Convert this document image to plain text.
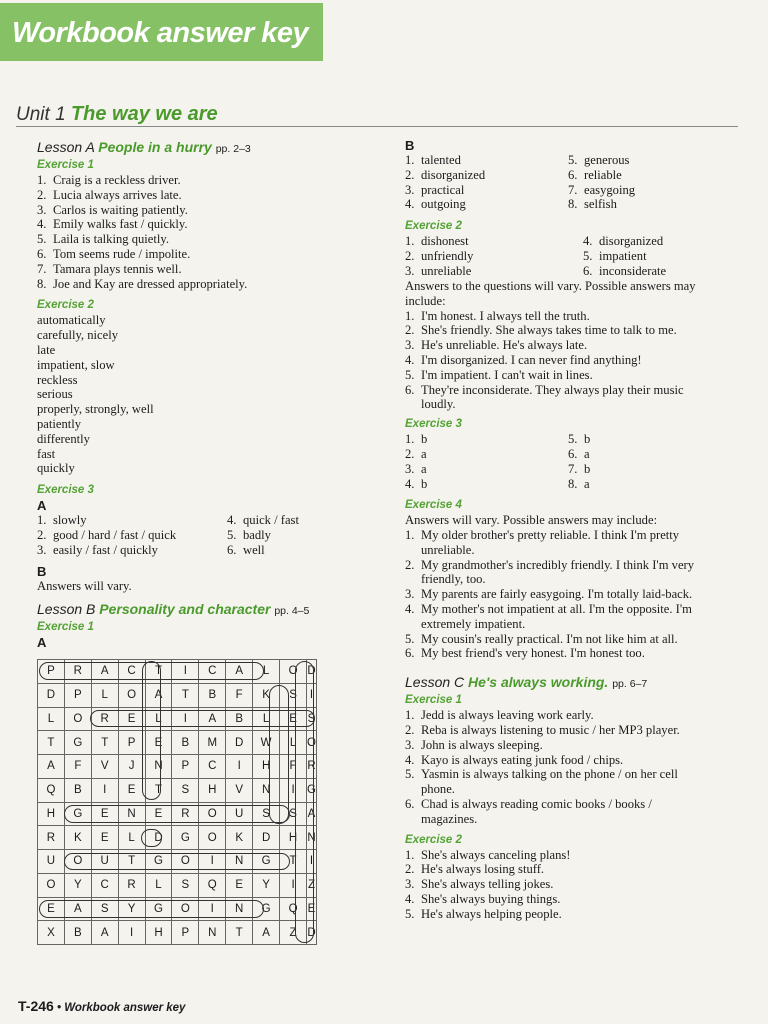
Workbook answer key
Unit 1 The way we are
Lesson A People in a hurry pp. 2–3
Exercise 1
1. Craig is a reckless driver.
2. Lucia always arrives late.
3. Carlos is waiting patiently.
4. Emily walks fast / quickly.
5. Laila is talking quietly.
6. Tom seems rude / impolite.
7. Tamara plays tennis well.
8. Joe and Kay are dressed appropriately.
Exercise 2
automatically
carefully, nicely
late
impatient, slow
reckless
serious
properly, strongly, well
patiently
differently
fast
quickly
Exercise 3
A
1. slowly
2. good / hard / fast / quick
3. easily / fast / quickly
4. quick / fast
5. badly
6. well
B
Answers will vary.
Lesson B Personality and character pp. 4–5
Exercise 1
A
P	R	A	C	T	I	C	A	L	O	D
D	P	L	O	A	T	B	F	K	S	I
L	O	R	E	L	I	A	B	L	E	S
T	G	T	P	E	B	M	D	W	L	O
A	F	V	J	N	P	C	I	H	F	R
Q	B	I	E	T	S	H	V	N	I	G
H	G	E	N	E	R	O	U	S	S	A
R	K	E	L	D	G	O	K	D	H	N
U	O	U	T	G	O	I	N	G	T	I
O	Y	C	R	L	S	Q	E	Y	I	Z
E	A	S	Y	G	O	I	N	G	Q	E
X	B	A	I	H	P	N	T	A	Z	D
B
1. talented
2. disorganized
3. practical
4. outgoing
5. generous
6. reliable
7. easygoing
8. selfish
Exercise 2
1. dishonest
2. unfriendly
3. unreliable
4. disorganized
5. impatient
6. inconsiderate
Answers to the questions will vary. Possible answers may
include:
1. I'm honest. I always tell the truth.
2. She's friendly. She always takes time to talk to me.
3. He's unreliable. He's always late.
4. I'm disorganized. I can never find anything!
5. I'm impatient. I can't wait in lines.
6. They're inconsiderate. They always play their music
loudly.
Exercise 3
1. b
2. a
3. a
4. b
5. b
6. a
7. b
8. a
Exercise 4
Answers will vary. Possible answers may include:
1. My older brother's pretty reliable. I think I'm pretty
unreliable.
2. My grandmother's incredibly friendly. I think I'm very
friendly, too.
3. My parents are fairly easygoing. I'm totally laid-back.
4. My mother's not impatient at all. I'm the opposite. I'm
extremely impatient.
5. My cousin's really practical. I'm not like him at all.
6. My best friend's very honest. I'm honest too.
Lesson C He's always working. pp. 6–7
Exercise 1
1. Jedd is always leaving work early.
2. Reba is always listening to music / her MP3 player.
3. John is always sleeping.
4. Kayo is always eating junk food / chips.
5. Yasmin is always talking on the phone / on her cell
phone.
6. Chad is always reading comic books / books /
magazines.
Exercise 2
1. She's always canceling plans!
2. He's always losing stuff.
3. She's always telling jokes.
4. She's always buying things.
5. He's always helping people.
T-246 • Workbook answer key
